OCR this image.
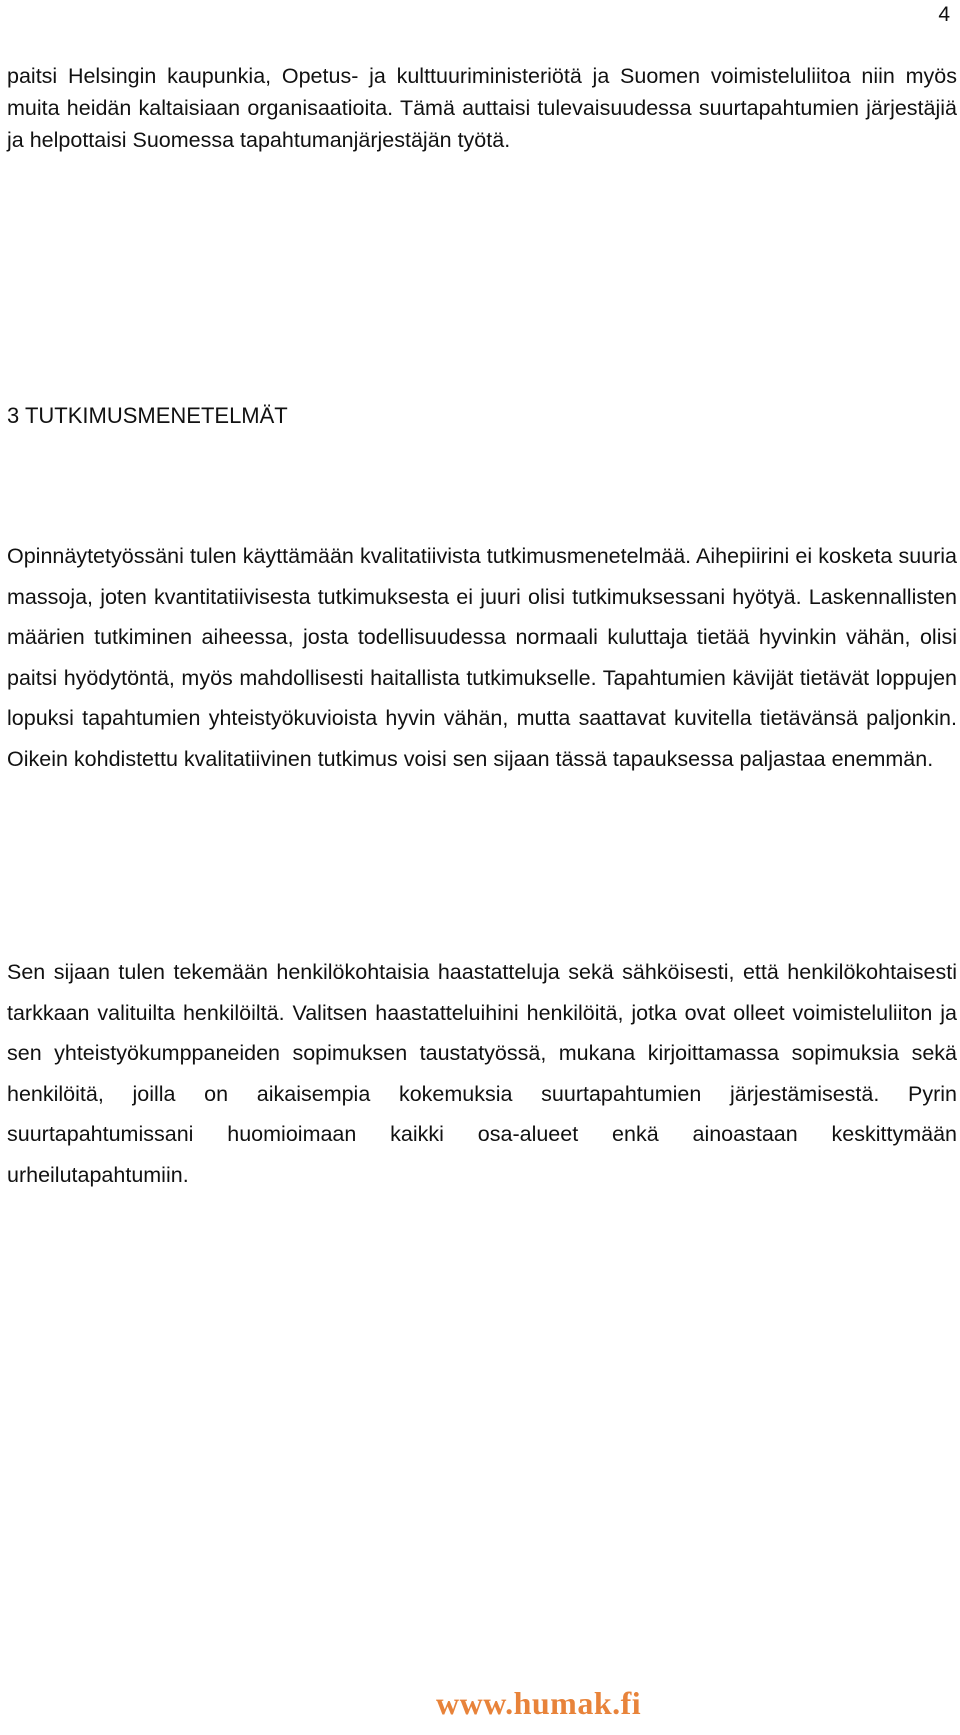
4

paitsi Helsingin kaupunkia, Opetus- ja kulttuuriministeriötä ja Suomen voimisteluliitoa niin myös muita heidän kaltaisiaan organisaatioita. Tämä auttaisi tulevaisuudessa suurtapahtumien järjestäjiä ja helpottaisi Suomessa tapahtumanjärjestäjän työtä.

3 TUTKIMUSMENETELMÄT

Opinnäytetyössäni tulen käyttämään kvalitatiivista tutkimusmenetelmää. Aihepiirini ei kosketa suuria massoja, joten kvantitatiivisesta tutkimuksesta ei juuri olisi tutkimuksessani hyötyä. Laskennallisten määrien tutkiminen aiheessa, josta todellisuudessa normaali kuluttaja tietää hyvinkin vähän, olisi paitsi hyödytöntä, myös mahdollisesti haitallista tutkimukselle. Tapahtumien kävijät tietävät loppujen lopuksi tapahtumien yhteistyökuvioista hyvin vähän, mutta saattavat kuvitella tietävänsä paljonkin. Oikein kohdistettu kvalitatiivinen tutkimus voisi sen sijaan tässä tapauksessa paljastaa enemmän.

Sen sijaan tulen tekemään henkilökohtaisia haastatteluja sekä sähköisesti, että henkilökohtaisesti tarkkaan valituilta henkilöiltä. Valitsen haastatteluihini henkilöitä, jotka ovat olleet voimisteluliiton ja sen yhteistyökumppaneiden sopimuksen taustatyössä, mukana kirjoittamassa sopimuksia sekä henkilöitä, joilla on aikaisempia kokemuksia suurtapahtumien järjestämisestä. Pyrin suurtapahtumissani huomioimaan kaikki osa-alueet enkä ainoastaan keskittymään urheilutapahtumiin.

www.humak.fi
